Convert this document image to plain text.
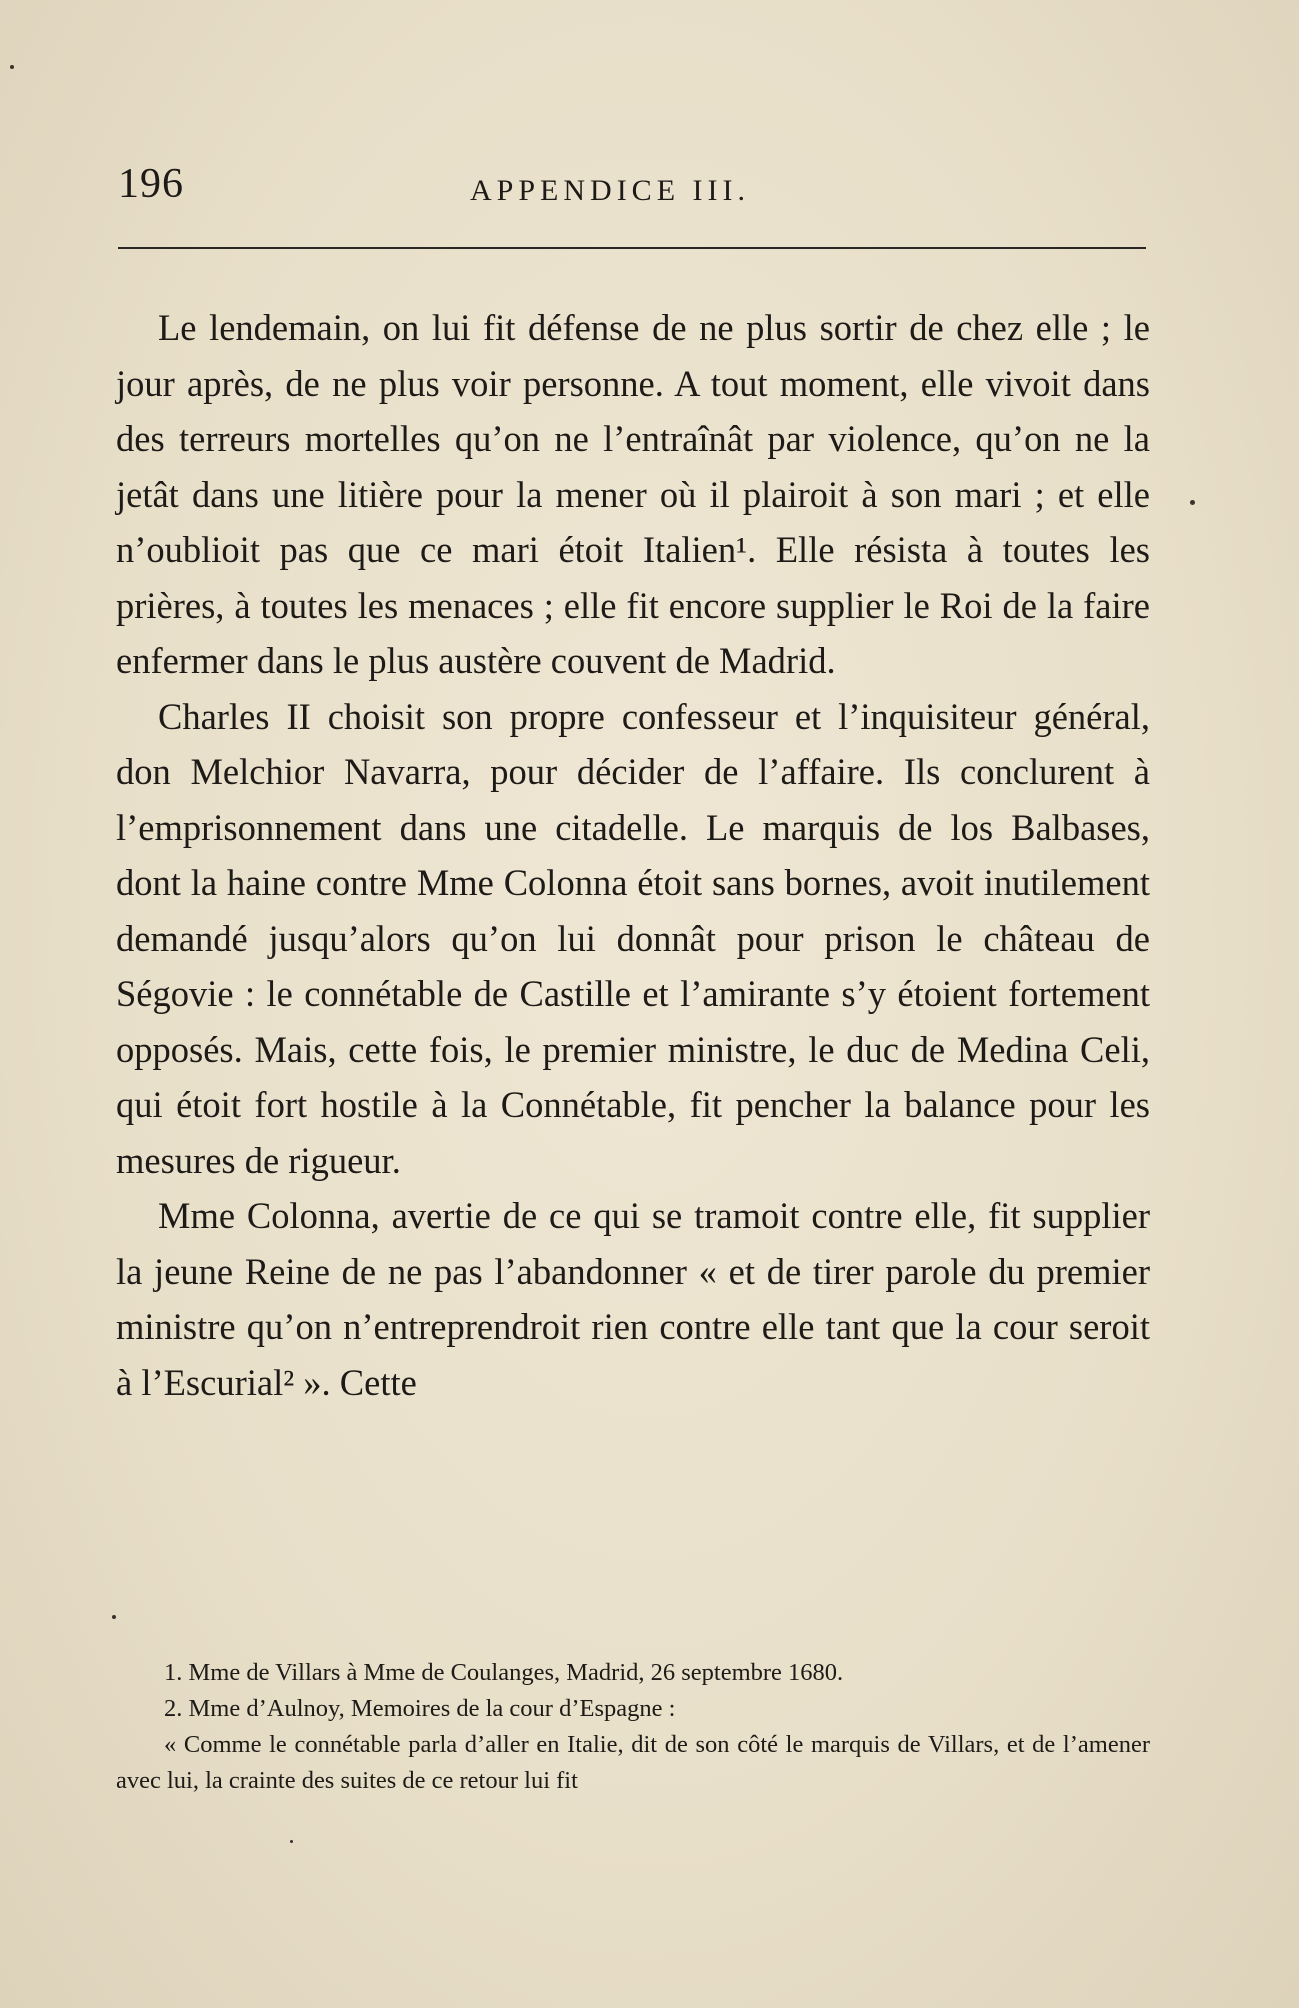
196	APPENDICE III.

Le lendemain, on lui fit défense de ne plus sortir de chez elle ; le jour après, de ne plus voir personne. A tout moment, elle vivoit dans des terreurs mortelles qu’on ne l’entraînât par violence, qu’on ne la jetât dans une litière pour la mener où il plairoit à son mari ; et elle n’oublioit pas que ce mari étoit Italien¹. Elle résista à toutes les prières, à toutes les menaces ; elle fit encore supplier le Roi de la faire enfermer dans le plus austère couvent de Madrid.

Charles II choisit son propre confesseur et l’inquisiteur général, don Melchior Navarra, pour décider de l’affaire. Ils conclurent à l’emprisonnement dans une citadelle. Le marquis de los Balbases, dont la haine contre Mme Colonna étoit sans bornes, avoit inutilement demandé jusqu’alors qu’on lui donnât pour prison le château de Ségovie : le connétable de Castille et l’amirante s’y étoient fortement opposés. Mais, cette fois, le premier ministre, le duc de Medina Celi, qui étoit fort hostile à la Connétable, fit pencher la balance pour les mesures de rigueur.

Mme Colonna, avertie de ce qui se tramoit contre elle, fit supplier la jeune Reine de ne pas l’abandonner « et de tirer parole du premier ministre qu’on n’entreprendroit rien contre elle tant que la cour seroit à l’Escurial² ». Cette

1. Mme de Villars à Mme de Coulanges, Madrid, 26 septembre 1680.

2. Mme d’Aulnoy, Memoires de la cour d’Espagne :

« Comme le connétable parla d’aller en Italie, dit de son côté le marquis de Villars, et de l’amener avec lui, la crainte des suites de ce retour lui fit
